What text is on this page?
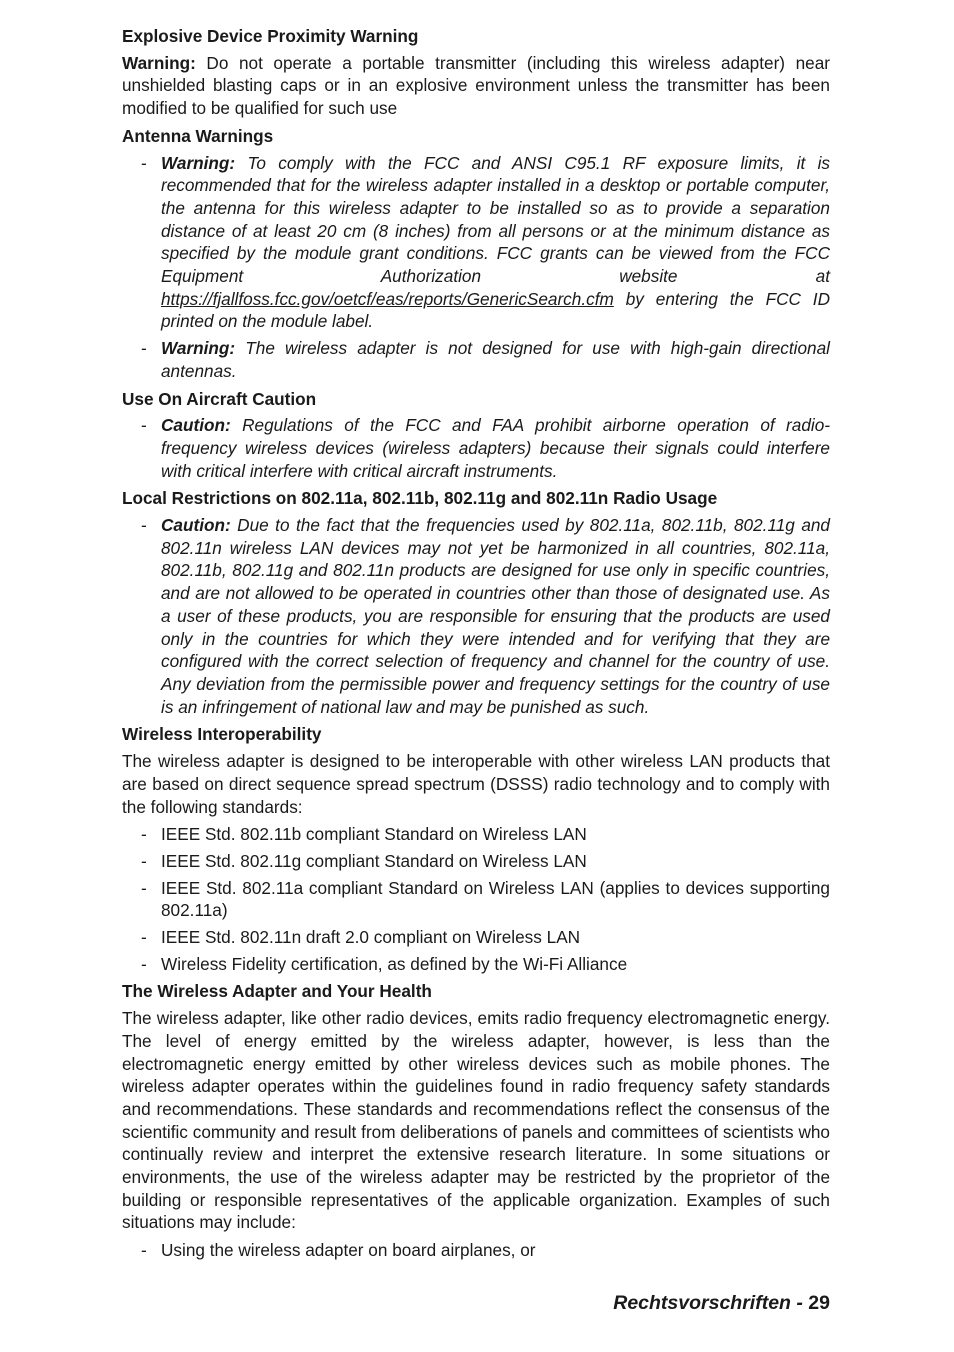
Explosive Device Proximity Warning

Warning: Do not operate a portable transmitter (including this wireless adapter) near unshielded blasting caps or in an explosive environment unless the transmitter has been modified to be qualified for such use

Antenna Warnings
- Warning: To comply with the FCC and ANSI C95.1 RF exposure limits, it is recommended that for the wireless adapter installed in a desktop or portable computer, the antenna for this wireless adapter to be installed so as to provide a separation distance of at least 20 cm (8 inches) from all persons or at the minimum distance as specified by the module grant conditions. FCC grants can be viewed from the FCC Equipment Authorization website at https://fjallfoss.fcc.gov/oetcf/eas/reports/GenericSearch.cfm by entering the FCC ID printed on the module label.
- Warning: The wireless adapter is not designed for use with high-gain directional antennas.
Use On Aircraft Caution
- Caution: Regulations of the FCC and FAA prohibit airborne operation of radio-frequency wireless devices (wireless adapters) because their signals could interfere with critical interfere with critical aircraft instruments.
Local Restrictions on 802.11a, 802.11b, 802.11g and 802.11n Radio Usage
- Caution: Due to the fact that the frequencies used by 802.11a, 802.11b, 802.11g and 802.11n wireless LAN devices may not yet be harmonized in all countries, 802.11a, 802.11b, 802.11g and 802.11n products are designed for use only in specific countries, and are not allowed to be operated in countries other than those of designated use. As a user of these products, you are responsible for ensuring that the products are used only in the countries for which they were intended and for verifying that they are configured with the correct selection of frequency and channel for the country of use. Any deviation from the permissible power and frequency settings for the country of use is an infringement of national law and may be punished as such.
Wireless Interoperability

The wireless adapter is designed to be interoperable with other wireless LAN products that are based on direct sequence spread spectrum (DSSS) radio technology and to comply with the following standards:

- IEEE Std. 802.11b compliant Standard on Wireless LAN
- IEEE Std. 802.11g compliant Standard on Wireless LAN
- IEEE Std. 802.11a compliant Standard on Wireless LAN (applies to devices supporting 802.11a)
- IEEE Std. 802.11n draft 2.0 compliant on Wireless LAN
- Wireless Fidelity certification, as defined by the Wi-Fi Alliance
The Wireless Adapter and Your Health

The wireless adapter, like other radio devices, emits radio frequency electromagnetic energy. The level of energy emitted by the wireless adapter, however, is less than the electromagnetic energy emitted by other wireless devices such as mobile phones. The wireless adapter operates within the guidelines found in radio frequency safety standards and recommendations. These standards and recommendations reflect the consensus of the scientific community and result from deliberations of panels and committees of scientists who continually review and interpret the extensive research literature. In some situations or environments, the use of the wireless adapter may be restricted by the proprietor of the building or responsible representatives of the applicable organization. Examples of such situations may include:

- Using the wireless adapter on board airplanes, or
Rechtsvorschriften - 29
